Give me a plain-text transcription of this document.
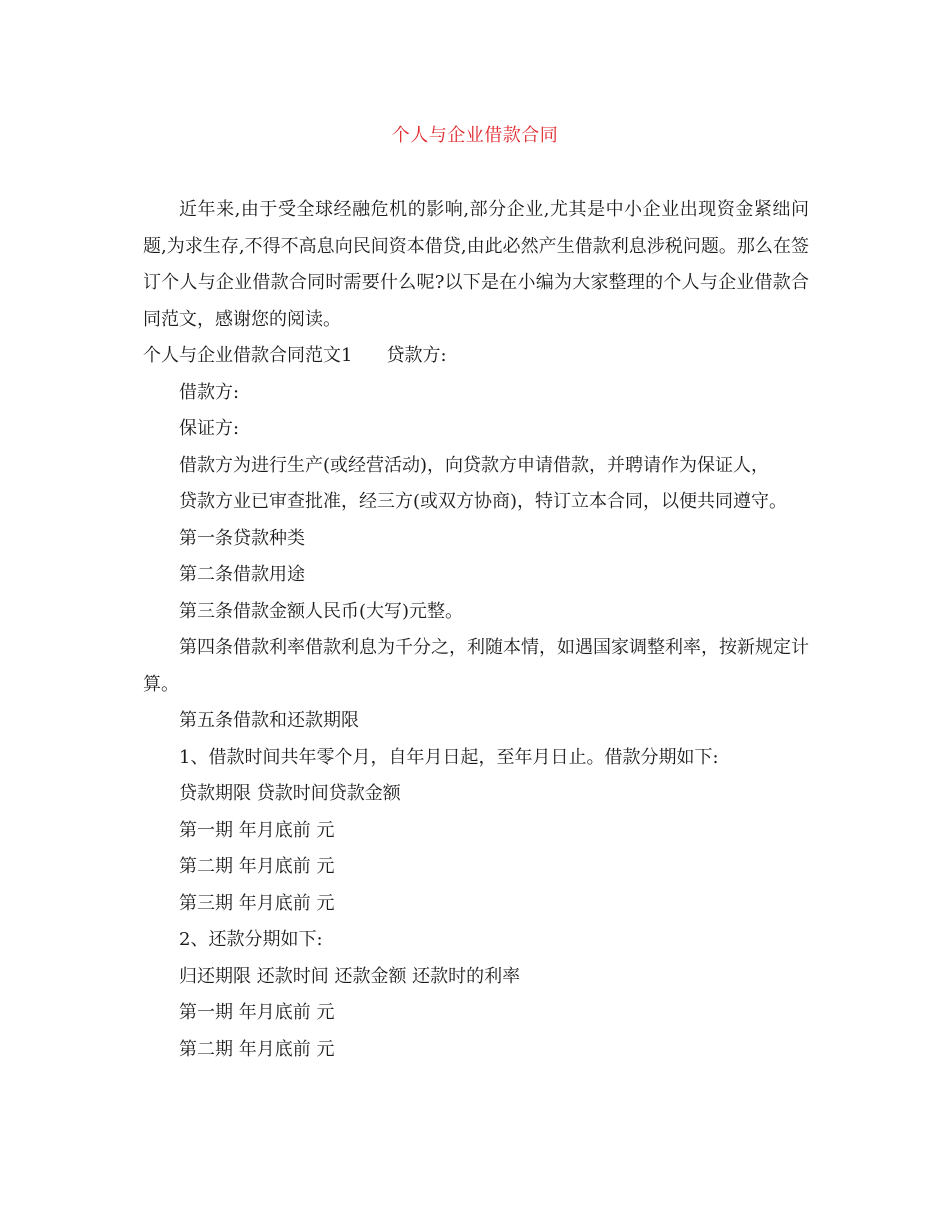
个人与企业借款合同

近年来,由于受全球经融危机的影响,部分企业,尤其是中小企业出现资金紧绌问题,为求生存,不得不高息向民间资本借贷,由此必然产生借款利息涉税问题。那么在签订个人与企业借款合同时需要什么呢?以下是在小编为大家整理的个人与企业借款合同范文，感谢您的阅读。

个人与企业借款合同范文1 贷款方:

借款方:

保证方:

借款方为进行生产(或经营活动)，向贷款方申请借款，并聘请作为保证人，

贷款方业已审查批准，经三方(或双方协商)，特订立本合同，以便共同遵守。

第一条贷款种类

第二条借款用途

第三条借款金额人民币(大写)元整。

第四条借款利率借款利息为千分之，利随本情，如遇国家调整利率，按新规定计算。

第五条借款和还款期限

1、借款时间共年零个月，自年月日起，至年月日止。借款分期如下:

贷款期限 贷款时间贷款金额

第一期 年月底前 元

第二期 年月底前 元

第三期 年月底前 元

2、还款分期如下:

归还期限 还款时间 还款金额 还款时的利率

第一期 年月底前 元

第二期 年月底前 元
